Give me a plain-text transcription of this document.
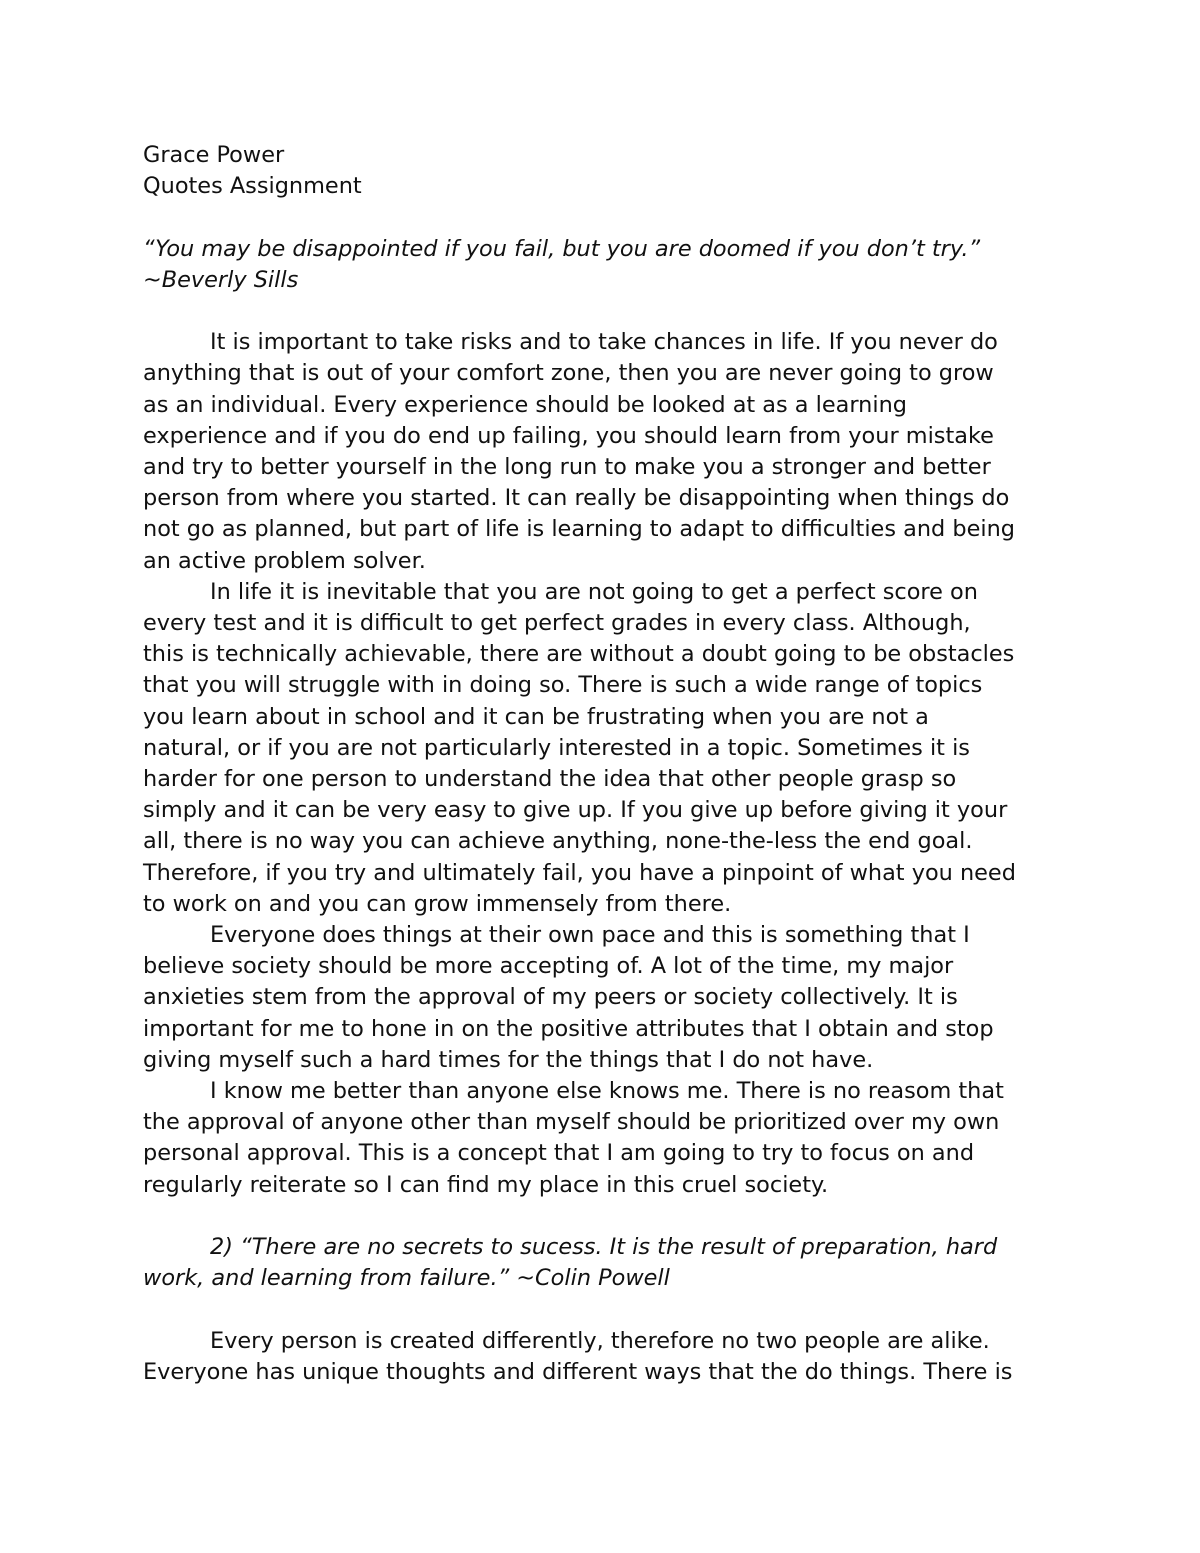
Grace Power

Quotes Assignment

“You may be disappointed if you fail, but you are doomed if you don’t try.”

~Beverly Sills

It is important to take risks and to take chances in life. If you never do

anything that is out of your comfort zone, then you are never going to grow

as an individual. Every experience should be looked at as a learning

experience and if you do end up failing, you should learn from your mistake

and try to better yourself in the long run to make you a stronger and better

person from where you started. It can really be disappointing when things do

not go as planned, but part of life is learning to adapt to difficulties and being

an active problem solver.

In life it is inevitable that you are not going to get a perfect score on

every test and it is difficult to get perfect grades in every class. Although,

this is technically achievable, there are without a doubt going to be obstacles

that you will struggle with in doing so. There is such a wide range of topics

you learn about in school and it can be frustrating when you are not a

natural, or if you are not particularly interested in a topic. Sometimes it is

harder for one person to understand the idea that other people grasp so

simply and it can be very easy to give up. If you give up before giving it your

all, there is no way you can achieve anything, none-the-less the end goal.

Therefore, if you try and ultimately fail, you have a pinpoint of what you need

to work on and you can grow immensely from there.

Everyone does things at their own pace and this is something that I

believe society should be more accepting of. A lot of the time, my major

anxieties stem from the approval of my peers or society collectively. It is

important for me to hone in on the positive attributes that I obtain and stop

giving myself such a hard times for the things that I do not have.

I know me better than anyone else knows me. There is no reasom that

the approval of anyone other than myself should be prioritized over my own

personal approval. This is a concept that I am going to try to focus on and

regularly reiterate so I can find my place in this cruel society.

2) “There are no secrets to sucess. It is the result of preparation, hard

work, and learning from failure.” ~Colin Powell

Every person is created differently, therefore no two people are alike.

Everyone has unique thoughts and different ways that the do things. There is
